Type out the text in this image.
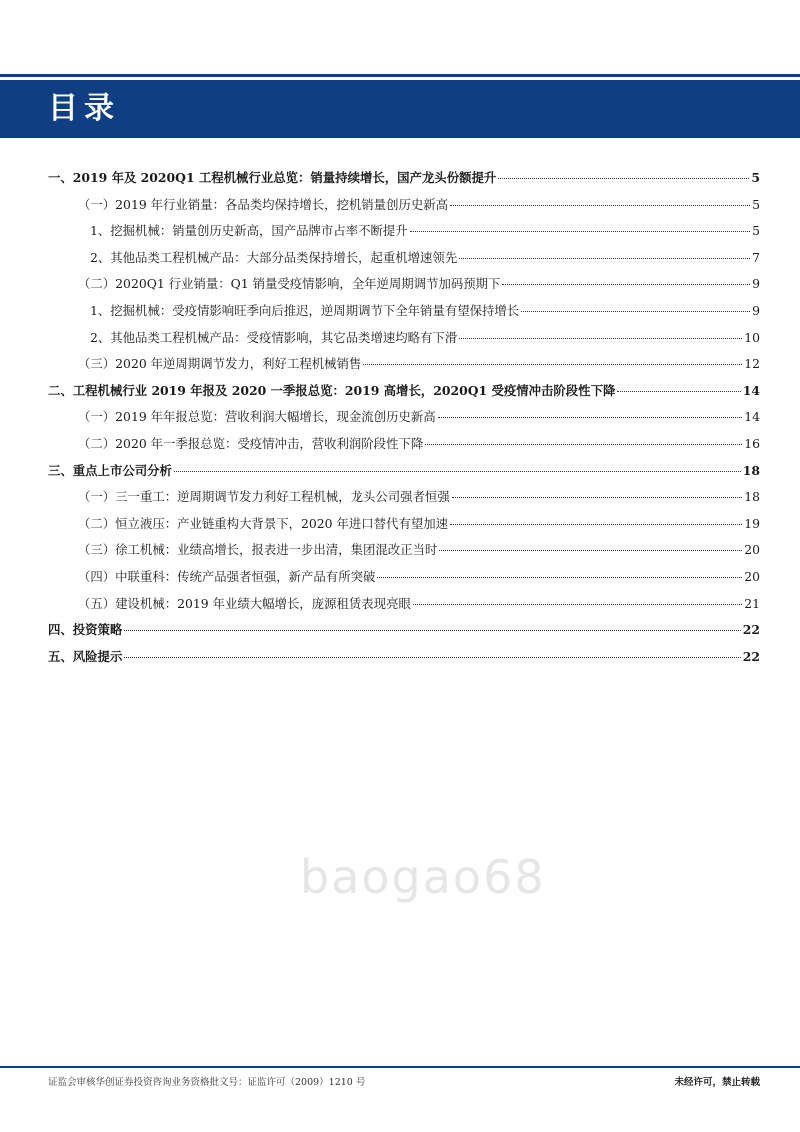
目录
一、2019 年及 2020Q1 工程机械行业总览：销量持续增长，国产龙头份额提升	5
（一）2019 年行业销量：各品类均保持增长，挖机销量创历史新高	5
1、挖掘机械：销量创历史新高，国产品牌市占率不断提升	5
2、其他品类工程机械产品：大部分品类保持增长，起重机增速领先	7
（二）2020Q1 行业销量：Q1 销量受疫情影响，全年逆周期调节加码预期下	9
1、挖掘机械：受疫情影响旺季向后推迟，逆周期调节下全年销量有望保持增长	9
2、其他品类工程机械产品：受疫情影响，其它品类增速均略有下滑	10
（三）2020 年逆周期调节发力，利好工程机械销售	12
二、工程机械行业 2019 年报及 2020 一季报总览：2019 高增长，2020Q1 受疫情冲击阶段性下降	14
（一）2019 年年报总览：营收利润大幅增长，现金流创历史新高	14
（二）2020 年一季报总览：受疫情冲击，营收利润阶段性下降	16
三、重点上市公司分析	18
（一）三一重工：逆周期调节发力利好工程机械，龙头公司强者恒强	18
（二）恒立液压：产业链重构大背景下，2020 年进口替代有望加速	19
（三）徐工机械：业绩高增长，报表进一步出清，集团混改正当时	20
（四）中联重科：传统产品强者恒强，新产品有所突破	20
（五）建设机械：2019 年业绩大幅增长，庞源租赁表现亮眼	21
四、投资策略	22
五、风险提示	22
baogao68
证监会审核华创证券投资咨询业务资格批文号：证监许可（2009）1210 号	未经许可，禁止转载
